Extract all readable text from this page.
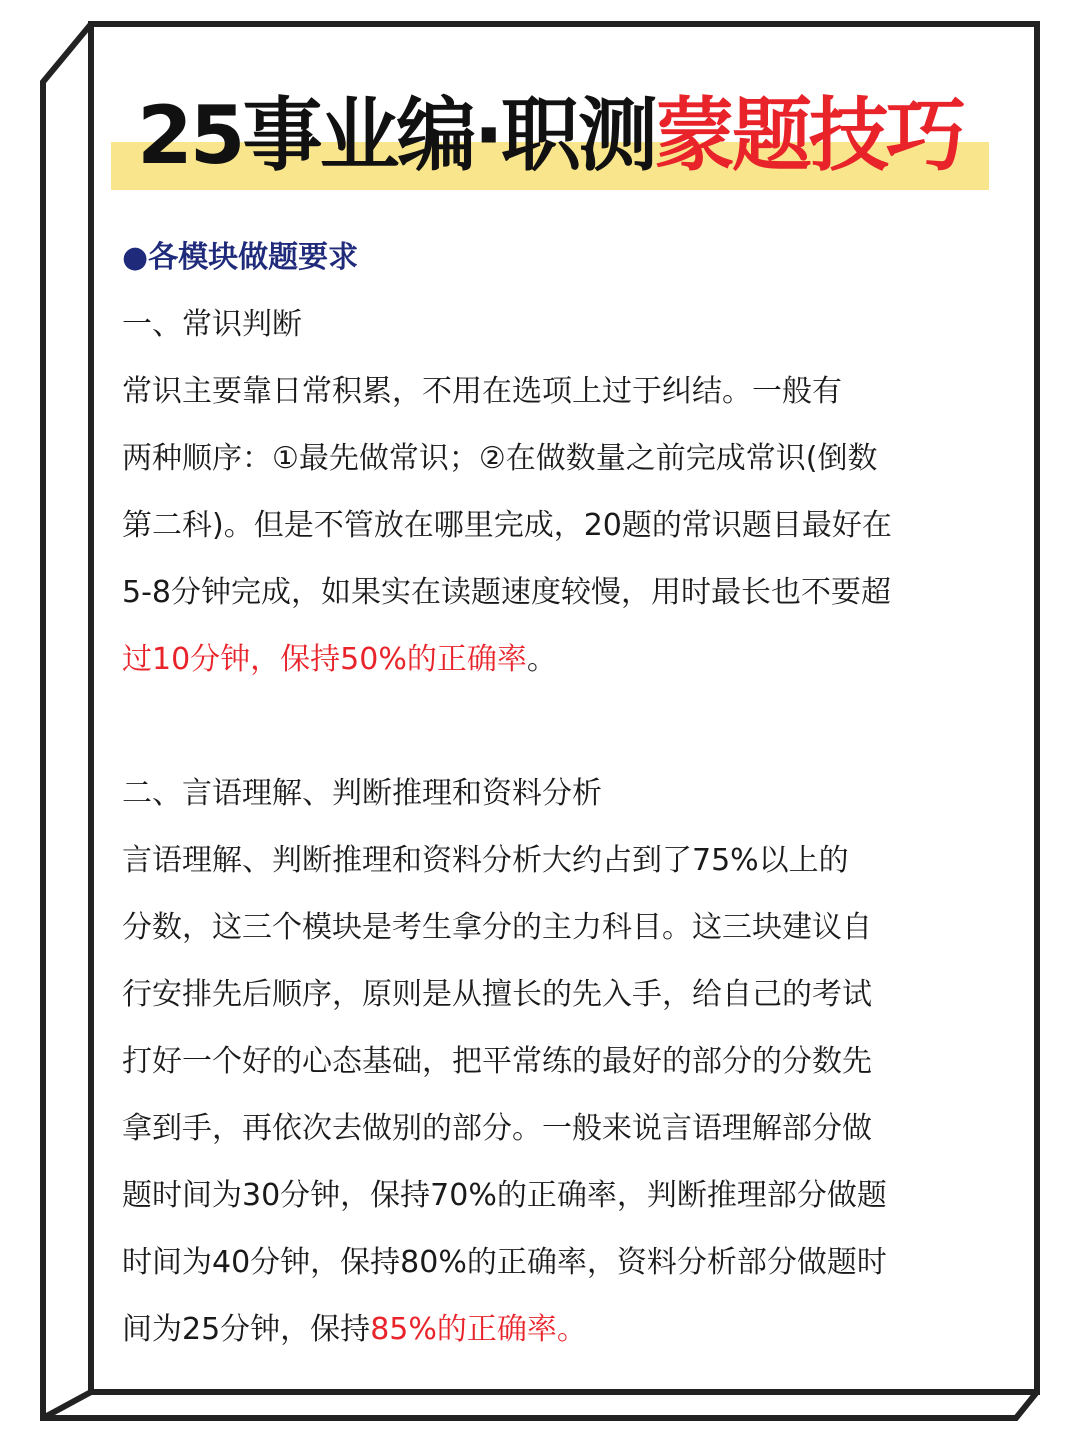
25事业编·职测蒙题技巧
●各模块做题要求
一、常识判断
常识主要靠日常积累，不用在选项上过于纠结。一般有
两种顺序：①最先做常识；②在做数量之前完成常识(倒数
第二科)。但是不管放在哪里完成，20题的常识题目最好在
5-8分钟完成，如果实在读题速度较慢，用时最长也不要超
过10分钟，保持50%的正确率。
二、言语理解、判断推理和资料分析
言语理解、判断推理和资料分析大约占到了75%以上的
分数，这三个模块是考生拿分的主力科目。这三块建议自
行安排先后顺序，原则是从擅长的先入手，给自己的考试
打好一个好的心态基础，把平常练的最好的部分的分数先
拿到手，再依次去做别的部分。一般来说言语理解部分做
题时间为30分钟，保持70%的正确率，判断推理部分做题
时间为40分钟，保持80%的正确率，资料分析部分做题时
间为25分钟，保持85%的正确率。
